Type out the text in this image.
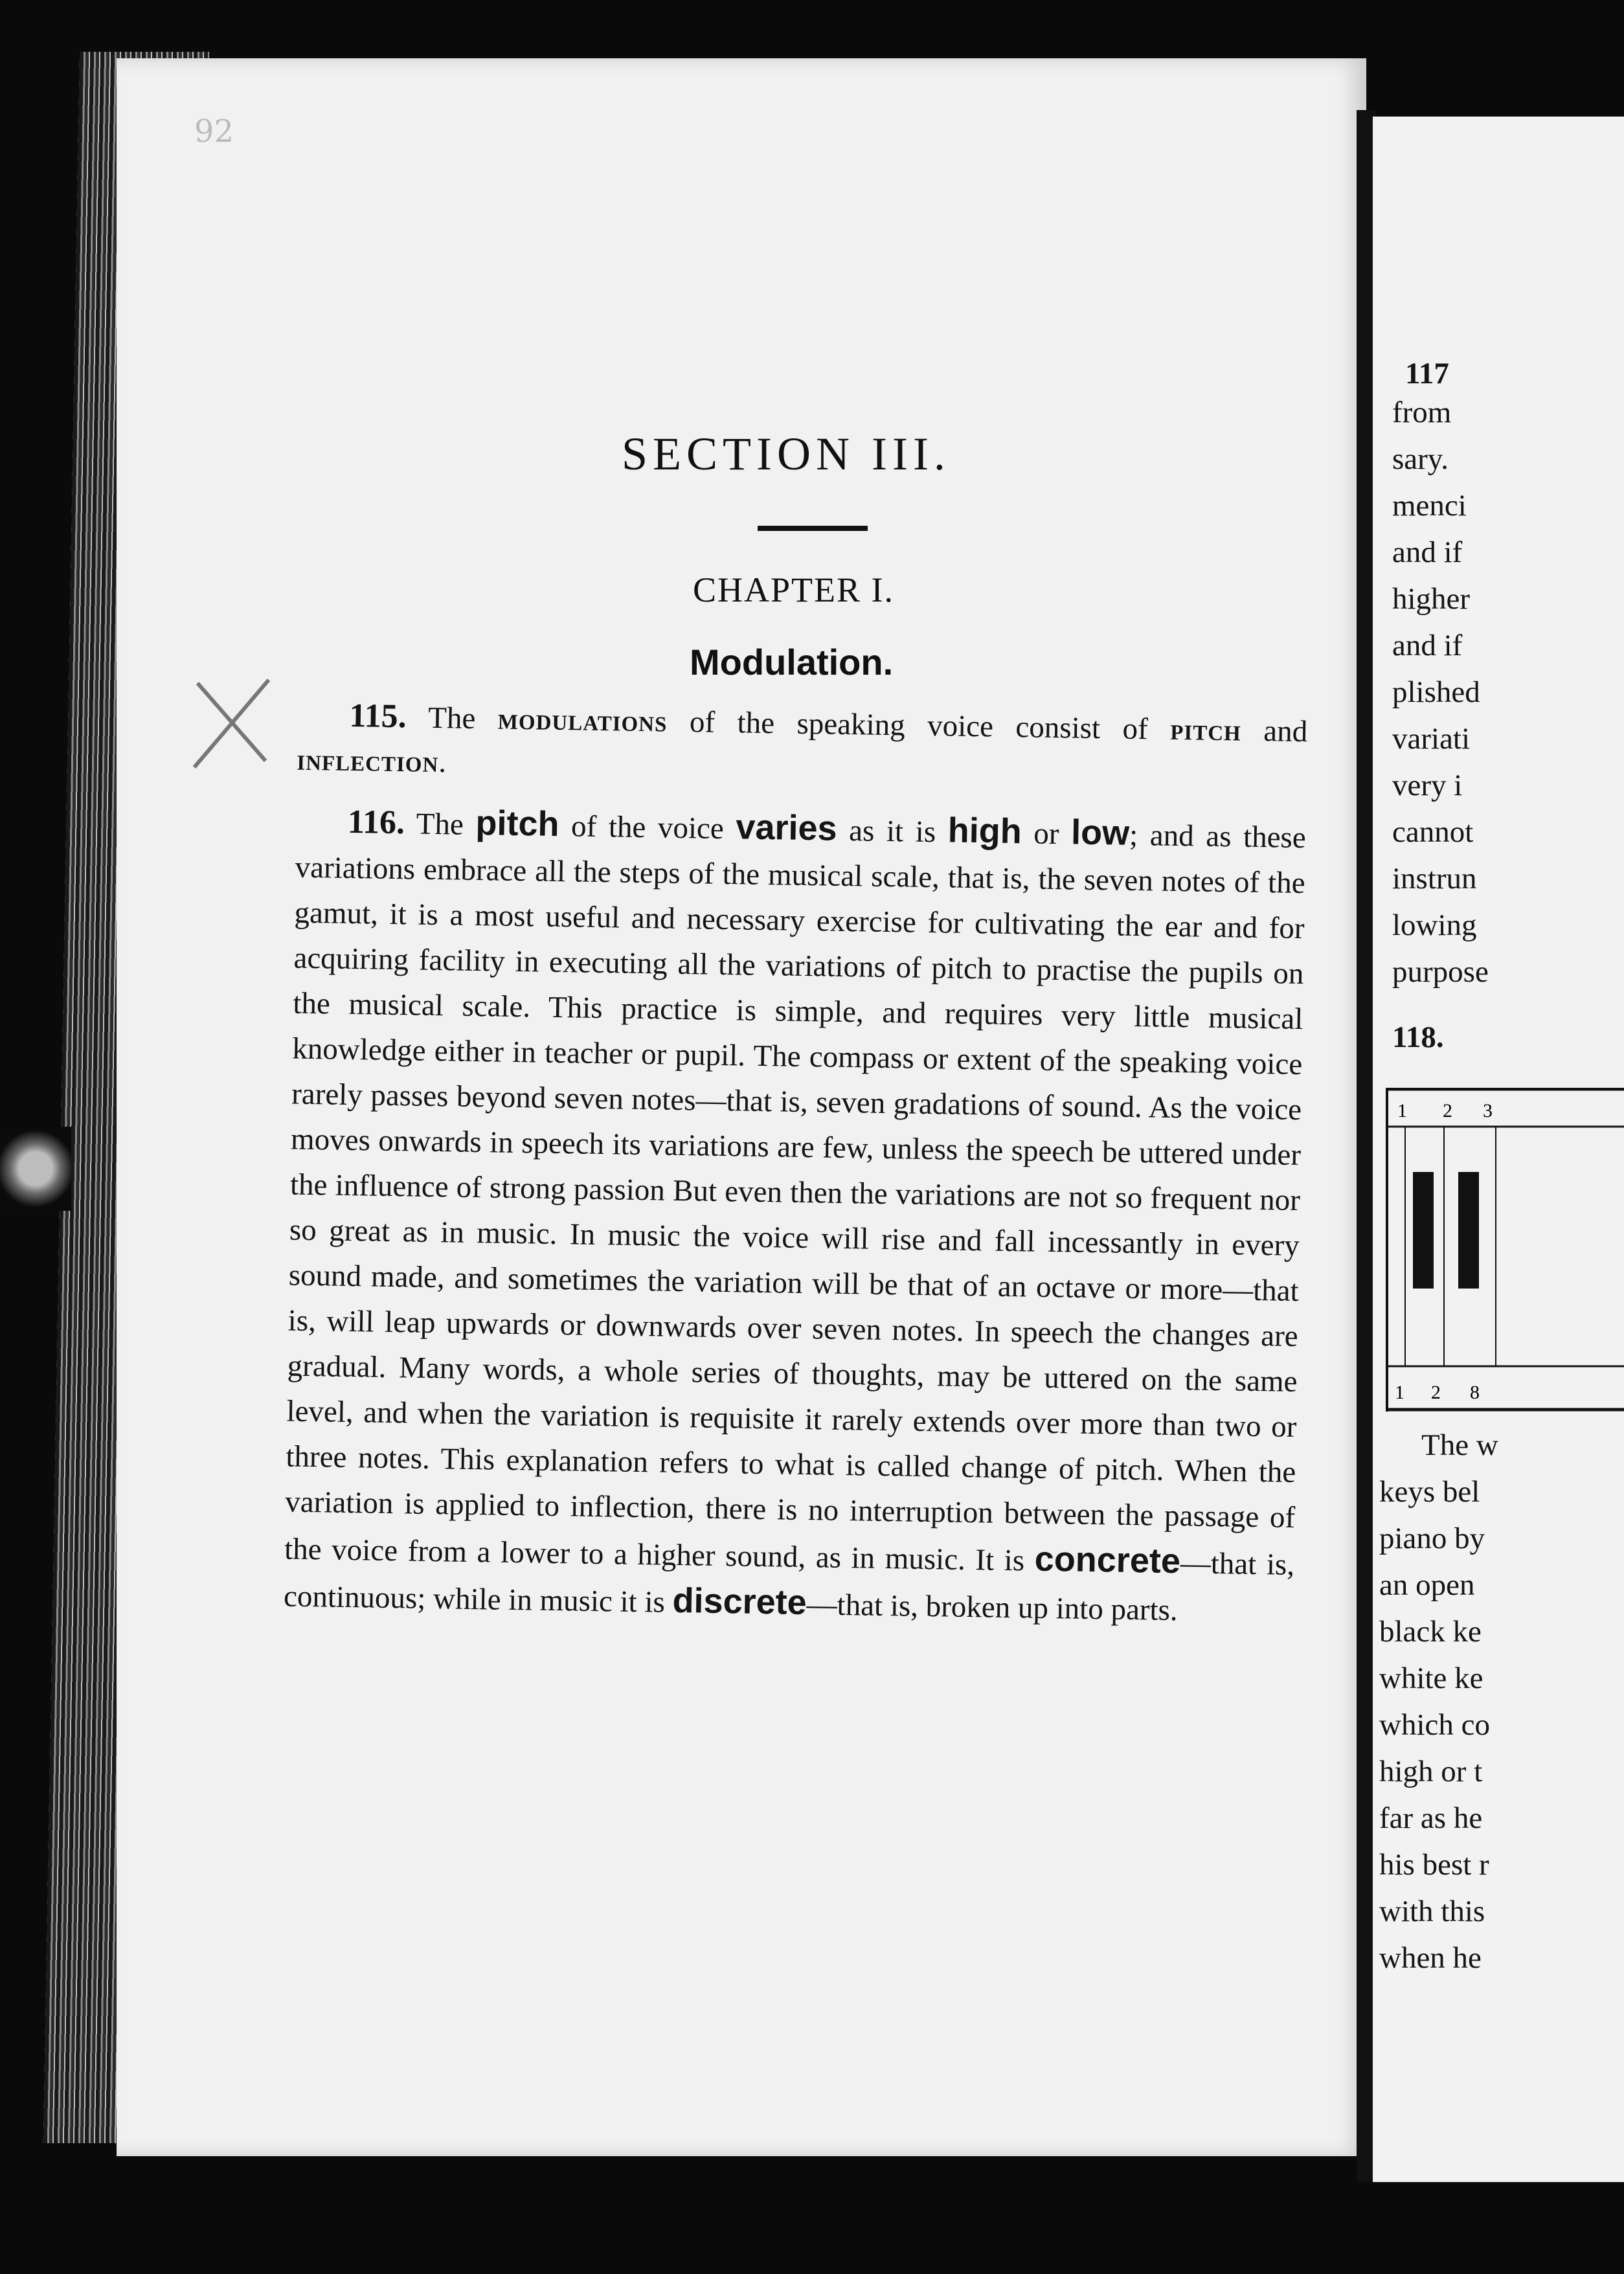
118.
1 2 3
1 2 8
117
from
sary.
menci
and if
higher
and if
plished
variati
very i
cannot
instrun
lowing
purpose
The w
keys bel
piano by
an open
black ke
white ke
which co
high or t
far as he
his best r
with this
when he
92
SECTION III.
CHAPTER I.
Modulation.

115. The modulations of the speaking voice consist of pitch and inflection.

116. The pitch of the voice varies as it is high or low; and as these variations embrace all the steps of the musical scale, that is, the seven notes of the gamut, it is a most useful and necessary exercise for cultivating the ear and for acquiring facility in executing all the variations of pitch to practise the pupils on the musical scale. This practice is simple, and requires very little musical knowledge either in teacher or pupil. The compass or extent of the speaking voice rarely passes beyond seven notes—that is, seven gradations of sound. As the voice moves onwards in speech its variations are few, unless the speech be uttered under the influence of strong passion But even then the variations are not so frequent nor so great as in music. In music the voice will rise and fall incessantly in every sound made, and sometimes the variation will be that of an octave or more—that is, will leap upwards or downwards over seven notes. In speech the changes are gradual. Many words, a whole series of thoughts, may be uttered on the same level, and when the variation is requisite it rarely extends over more than two or three notes. This explanation refers to what is called change of pitch. When the variation is applied to inflection, there is no interruption between the passage of the voice from a lower to a higher sound, as in music. It is concrete—that is, continuous; while in music it is discrete—that is, broken up into parts.
